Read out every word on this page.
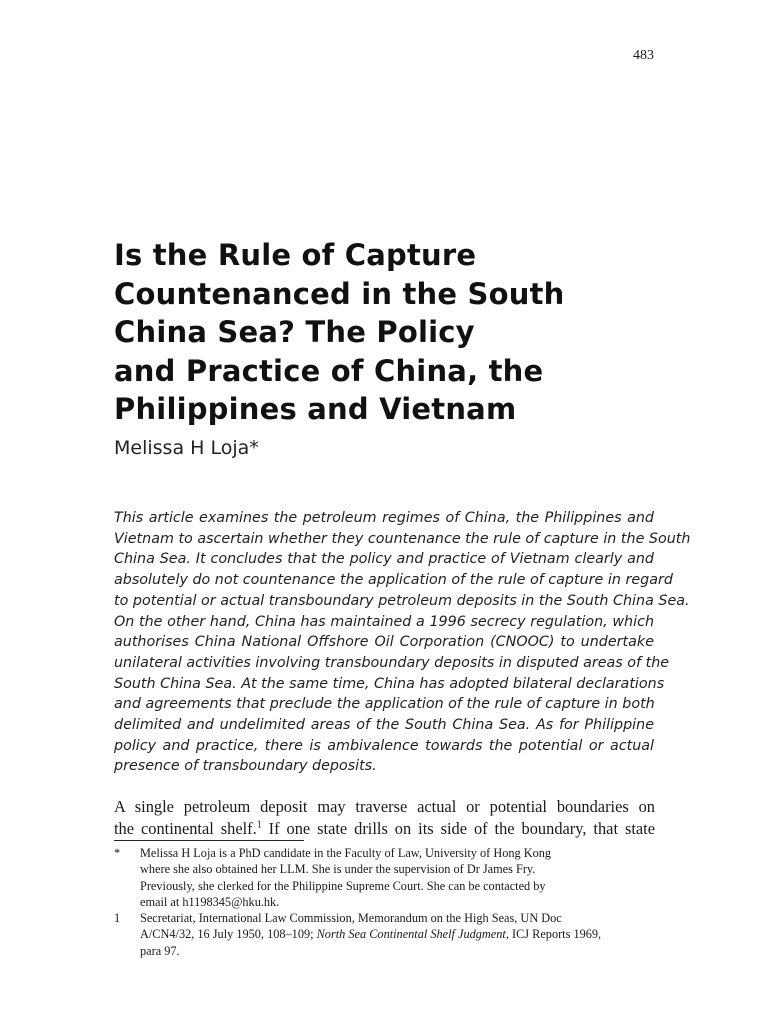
483
Is the Rule of Capture
Countenanced in the South
China Sea? The Policy
and Practice of China, the
Philippines and Vietnam
Melissa H Loja*
This article examines the petroleum regimes of China, the Philippines and
Vietnam to ascertain whether they countenance the rule of capture in the South
China Sea. It concludes that the policy and practice of Vietnam clearly and
absolutely do not countenance the application of the rule of capture in regard
to potential or actual transboundary petroleum deposits in the South China Sea.
On the other hand, China has maintained a 1996 secrecy regulation, which
authorises China National Offshore Oil Corporation (CNOOC) to undertake
unilateral activities involving transboundary deposits in disputed areas of the
South China Sea. At the same time, China has adopted bilateral declarations
and agreements that preclude the application of the rule of capture in both
delimited and undelimited areas of the South China Sea. As for Philippine
policy and practice, there is ambivalence towards the potential or actual
presence of transboundary deposits.
A single petroleum deposit may traverse actual or potential boundaries on
the continental shelf.$^1$ If one state drills on its side of the boundary, that state
*	Melissa H Loja is a PhD candidate in the Faculty of Law, University of Hong Kong
where she also obtained her LLM. She is under the supervision of Dr James Fry.
Previously, she clerked for the Philippine Supreme Court. She can be contacted by
email at h1198345@hku.hk.
1	Secretariat, International Law Commission, Memorandum on the High Seas, UN Doc
A/CN4/32, 16 July 1950, 108–109; North Sea Continental Shelf Judgment, ICJ Reports 1969,
para 97.
